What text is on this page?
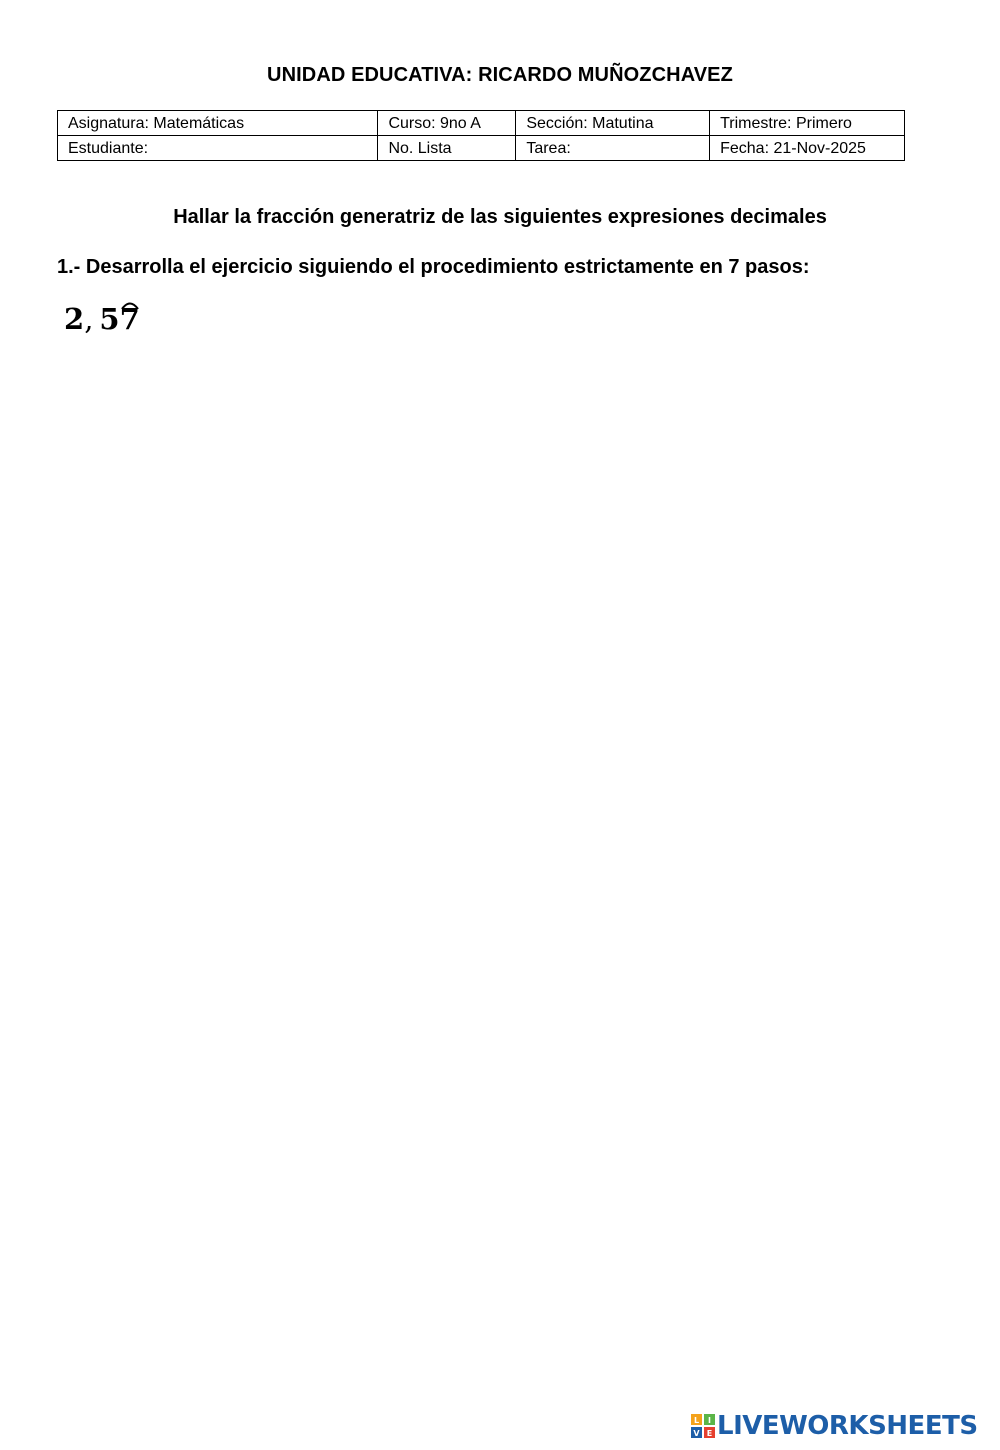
UNIDAD EDUCATIVA: RICARDO MUÑOZCHAVEZ
Asignatura: Matemáticas	Curso: 9no A	Sección: Matutina	Trimestre: Primero
Estudiante:	No. Lista	Tarea:	Fecha: 21-Nov-2025
Hallar la fracción generatriz de las siguientes expresiones decimales
1.- Desarrolla el ejercicio siguiendo el procedimiento estrictamente en 7 pasos:
2, 5
7
L I
V E LIVEWORKSHEETS
